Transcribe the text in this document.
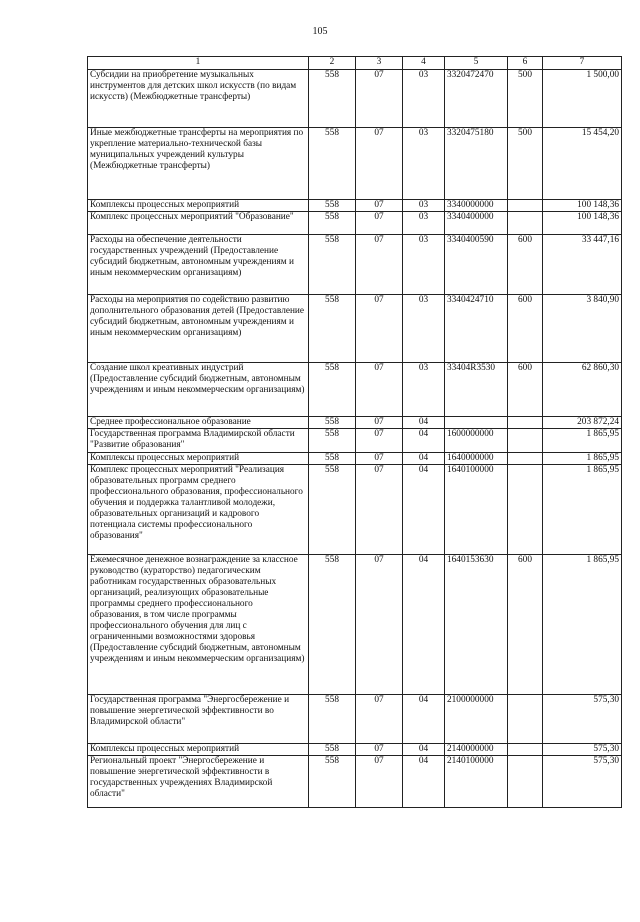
105
1	2	3	4	5	6	7
Субсидии на приобретение музыкальных инструментов для детских школ искусств (по видам искусств) (Межбюджетные трансферты)	558	07	03	3320472470	500	1 500,00
Иные межбюджетные трансферты на мероприятия по укрепление материально-технической базы муниципальных учреждений культуры (Межбюджетные трансферты)	558	07	03	3320475180	500	15 454,20
Комплексы процессных мероприятий	558	07	03	3340000000		100 148,36
Комплекс процессных мероприятий "Образование"	558	07	03	3340400000		100 148,36
Расходы на обеспечение деятельности государственных учреждений (Предоставление субсидий бюджетным, автономным учреждениям и иным некоммерческим организациям)	558	07	03	3340400590	600	33 447,16
Расходы на мероприятия по содействию развитию дополнительного образования детей (Предоставление субсидий бюджетным, автономным учреждениям и иным некоммерческим организациям)	558	07	03	3340424710	600	3 840,90
Создание школ креативных индустрий (Предоставление субсидий бюджетным, автономным учреждениям и иным некоммерческим организациям)	558	07	03	33404R3530	600	62 860,30
Среднее профессиональное образование	558	07	04			203 872,24
Государственная программа Владимирской области "Развитие образования"	558	07	04	1600000000		1 865,95
Комплексы процессных мероприятий	558	07	04	1640000000		1 865,95
Комплекс процессных мероприятий "Реализация образовательных программ среднего профессионального образования, профессионального обучения и поддержка талантливой молодежи, образовательных организаций и кадрового потенциала системы профессионального образования"	558	07	04	1640100000		1 865,95
Ежемесячное денежное вознаграждение за классное руководство (кураторство) педагогическим работникам государственных образовательных организаций, реализующих образовательные программы среднего профессионального образования, в том числе программы профессионального обучения для лиц с ограниченными возможностями здоровья (Предоставление субсидий бюджетным, автономным учреждениям и иным некоммерческим организациям)	558	07	04	1640153630	600	1 865,95
Государственная программа "Энергосбережение и повышение энергетической эффективности во Владимирской области"	558	07	04	2100000000		575,30
Комплексы процессных мероприятий	558	07	04	2140000000		575,30
Региональный проект "Энергосбережение и повышение энергетической эффективности в государственных учреждениях Владимирской области"	558	07	04	2140100000		575,30
